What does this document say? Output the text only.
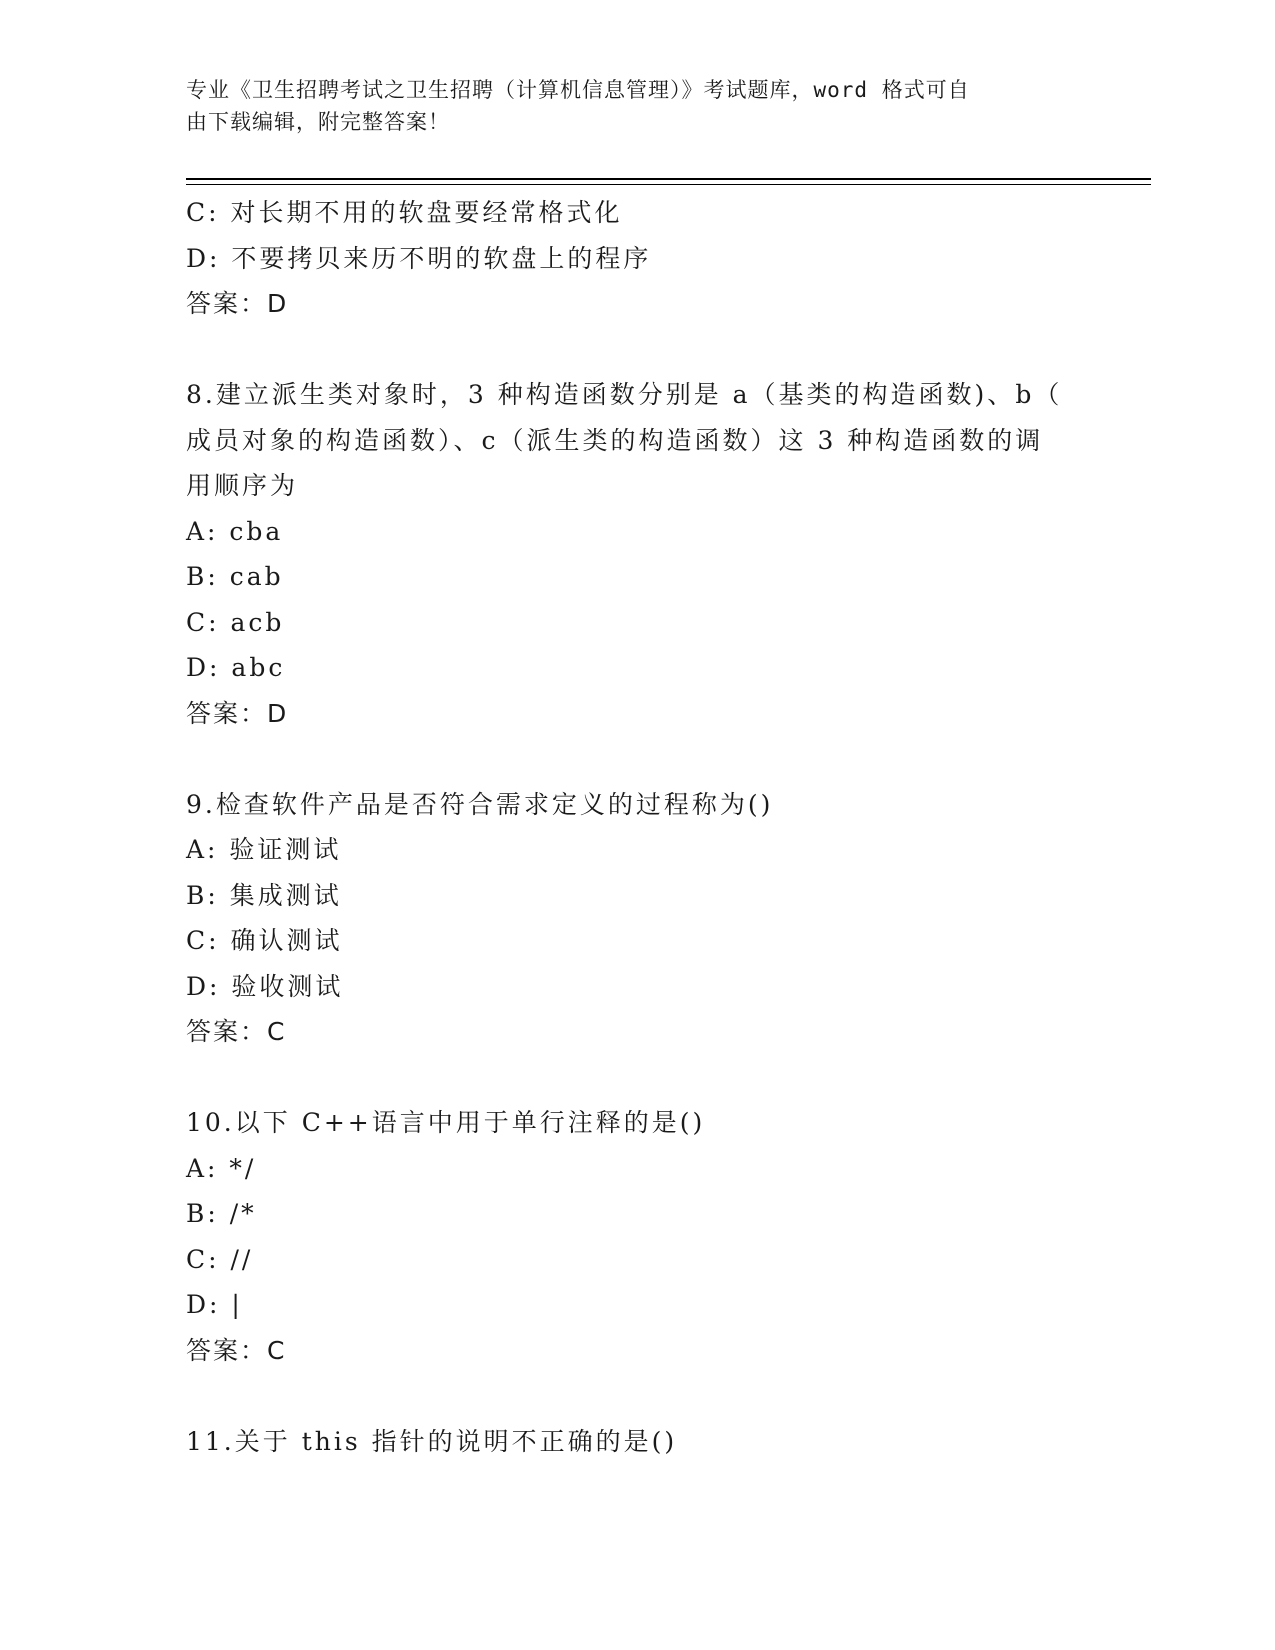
专业《卫生招聘考试之卫生招聘（计算机信息管理）》考试题库，word 格式可自
由下载编辑，附完整答案！
C: 对长期不用的软盘要经常格式化
D: 不要拷贝来历不明的软盘上的程序
答案：D
8.建立派生类对象时，3 种构造函数分别是 a（基类的构造函数)、b（
成员对象的构造函数）、c（派生类的构造函数）这 3 种构造函数的调
用顺序为
A: cba
B: cab
C: acb
D: abc
答案：D
9.检查软件产品是否符合需求定义的过程称为()
A: 验证测试
B: 集成测试
C: 确认测试
D: 验收测试
答案：C
10.以下 C++语言中用于单行注释的是()
A: */
B: /*
C: //
D: |
答案：C
11.关于 this 指针的说明不正确的是()
